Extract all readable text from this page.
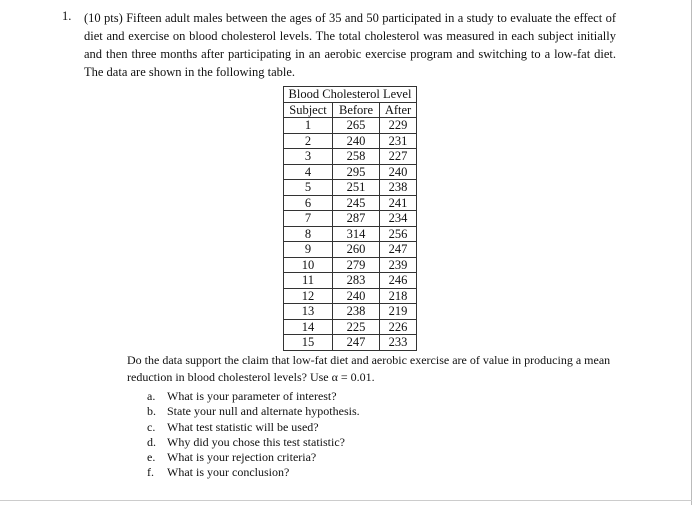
1. (10 pts) Fifteen adult males between the ages of 35 and 50 participated in a study to evaluate the effect of diet and exercise on blood cholesterol levels. The total cholesterol was measured in each subject initially and then three months after participating in an aerobic exercise program and switching to a low-fat diet. The data are shown in the following table.
Blood Cholesterol Level		
Subject	Before	After
1	265	229
2	240	231
3	258	227
4	295	240
5	251	238
6	245	241
7	287	234
8	314	256
9	260	247
10	279	239
11	283	246
12	240	218
13	238	219
14	225	226
15	247	233
Do the data support the claim that low-fat diet and aerobic exercise are of value in producing a mean reduction in blood cholesterol levels? Use α = 0.01.
a. What is your parameter of interest?
b. State your null and alternate hypothesis.
c. What test statistic will be used?
d. Why did you chose this test statistic?
e. What is your rejection criteria?
f.	What is your conclusion?
